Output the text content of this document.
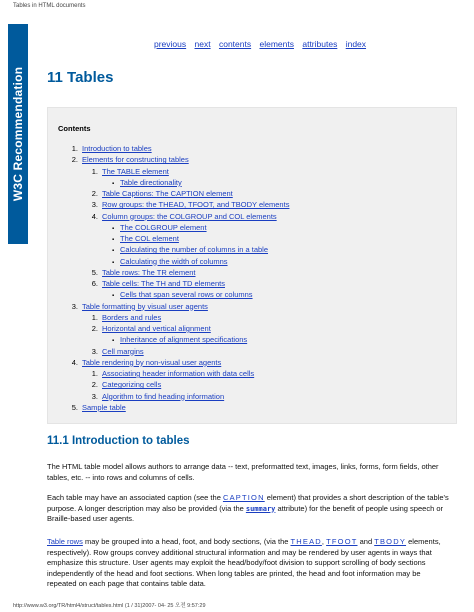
Tables in HTML documents
W3C Recommendation
previous next contents elements attributes index
11 Tables
Contents
1. Introduction to tables
2. Elements for constructing tables
1. The TABLE element
▪ Table directionality
2. Table Captions: The CAPTION element
3. Row groups: the THEAD, TFOOT, and TBODY elements
4. Column groups: the COLGROUP and COL elements
▪ The COLGROUP element
▪ The COL element
▪ Calculating the number of columns in a table
▪ Calculating the width of columns
5. Table rows: The TR element
6. Table cells: The TH and TD elements
▪ Cells that span several rows or columns
3. Table formatting by visual user agents
1. Borders and rules
2. Horizontal and vertical alignment
▪ Inheritance of alignment specifications
3. Cell margins
4. Table rendering by non-visual user agents
1. Associating header information with data cells
2. Categorizing cells
3. Algorithm to find heading information
5. Sample table
11.1 Introduction to tables

The HTML table model allows authors to arrange data -- text, preformatted text, images, links, forms, form fields, other tables, etc. -- into rows and columns of cells.

Each table may have an associated caption (see the CAPTION element) that provides a short description of the table's purpose. A longer description may also be provided (via the summary attribute) for the benefit of people using speech or Braille-based user agents.

Table rows may be grouped into a head, foot, and body sections, (via the THEAD, TFOOT and TBODY elements, respectively). Row groups convey additional structural information and may be rendered by user agents in ways that emphasize this structure. User agents may exploit the head/body/foot division to support scrolling of body sections independently of the head and foot sections. When long tables are printed, the head and foot information may be repeated on each page that contains table data.

http://www.w3.org/TR/html4/struct/tables.html (1 / 31)2007- 04- 25 오전 9:57:29
